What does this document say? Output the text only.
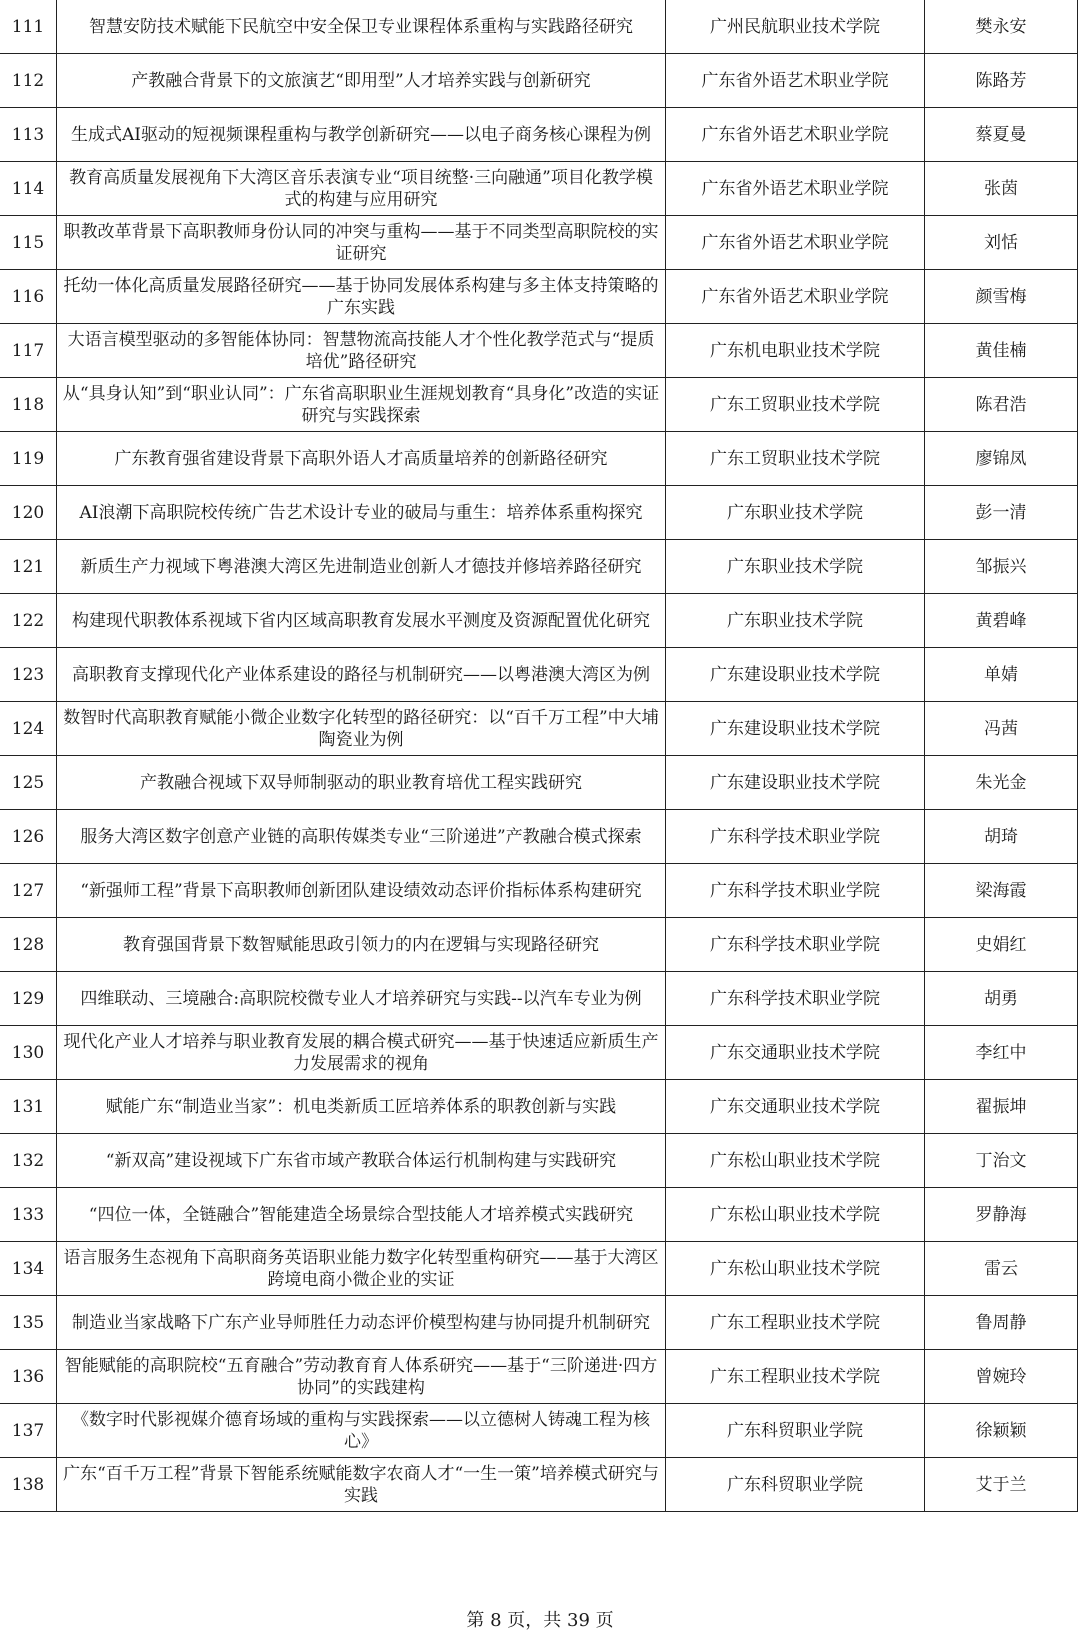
111	智慧安防技术赋能下民航空中安全保卫专业课程体系重构与实践路径研究	广州民航职业技术学院	樊永安
112	产教融合背景下的文旅演艺“即用型”人才培养实践与创新研究	广东省外语艺术职业学院	陈路芳
113	生成式AI驱动的短视频课程重构与教学创新研究——以电子商务核心课程为例	广东省外语艺术职业学院	蔡夏曼
114	教育高质量发展视角下大湾区音乐表演专业“项目统整·三向融通”项目化教学模式的构建与应用研究	广东省外语艺术职业学院	张茵
115	职教改革背景下高职教师身份认同的冲突与重构——基于不同类型高职院校的实证研究	广东省外语艺术职业学院	刘恬
116	托幼一体化高质量发展路径研究——基于协同发展体系构建与多主体支持策略的广东实践	广东省外语艺术职业学院	颜雪梅
117	大语言模型驱动的多智能体协同：智慧物流高技能人才个性化教学范式与“提质培优”路径研究	广东机电职业技术学院	黄佳楠
118	从“具身认知”到“职业认同”：广东省高职职业生涯规划教育“具身化”改造的实证研究与实践探索	广东工贸职业技术学院	陈君浩
119	广东教育强省建设背景下高职外语人才高质量培养的创新路径研究	广东工贸职业技术学院	廖锦凤
120	AI浪潮下高职院校传统广告艺术设计专业的破局与重生：培养体系重构探究	广东职业技术学院	彭一清
121	新质生产力视域下粤港澳大湾区先进制造业创新人才德技并修培养路径研究	广东职业技术学院	邹振兴
122	构建现代职教体系视域下省内区域高职教育发展水平测度及资源配置优化研究	广东职业技术学院	黄碧峰
123	高职教育支撑现代化产业体系建设的路径与机制研究——以粤港澳大湾区为例	广东建设职业技术学院	单婧
124	数智时代高职教育赋能小微企业数字化转型的路径研究：以“百千万工程”中大埔陶瓷业为例	广东建设职业技术学院	冯茜
125	产教融合视域下双导师制驱动的职业教育培优工程实践研究	广东建设职业技术学院	朱光金
126	服务大湾区数字创意产业链的高职传媒类专业“三阶递进”产教融合模式探索	广东科学技术职业学院	胡琦
127	“新强师工程”背景下高职教师创新团队建设绩效动态评价指标体系构建研究	广东科学技术职业学院	梁海霞
128	教育强国背景下数智赋能思政引领力的内在逻辑与实现路径研究	广东科学技术职业学院	史娟红
129	四维联动、三境融合:高职院校微专业人才培养研究与实践--以汽车专业为例	广东科学技术职业学院	胡勇
130	现代化产业人才培养与职业教育发展的耦合模式研究——基于快速适应新质生产力发展需求的视角	广东交通职业技术学院	李红中
131	赋能广东“制造业当家”：机电类新质工匠培养体系的职教创新与实践	广东交通职业技术学院	翟振坤
132	“新双高”建设视域下广东省市域产教联合体运行机制构建与实践研究	广东松山职业技术学院	丁治文
133	“四位一体，全链融合”智能建造全场景综合型技能人才培养模式实践研究	广东松山职业技术学院	罗静海
134	语言服务生态视角下高职商务英语职业能力数字化转型重构研究——基于大湾区跨境电商小微企业的实证	广东松山职业技术学院	雷云
135	制造业当家战略下广东产业导师胜任力动态评价模型构建与协同提升机制研究	广东工程职业技术学院	鲁周静
136	智能赋能的高职院校“五育融合”劳动教育育人体系研究——基于“三阶递进·四方协同”的实践建构	广东工程职业技术学院	曾婉玲
137	《数字时代影视媒介德育场域的重构与实践探索——以立德树人铸魂工程为核心》	广东科贸职业学院	徐颖颖
138	广东“百千万工程”背景下智能系统赋能数字农商人才“一生一策”培养模式研究与实践	广东科贸职业学院	艾于兰
第 8 页，共 39 页
